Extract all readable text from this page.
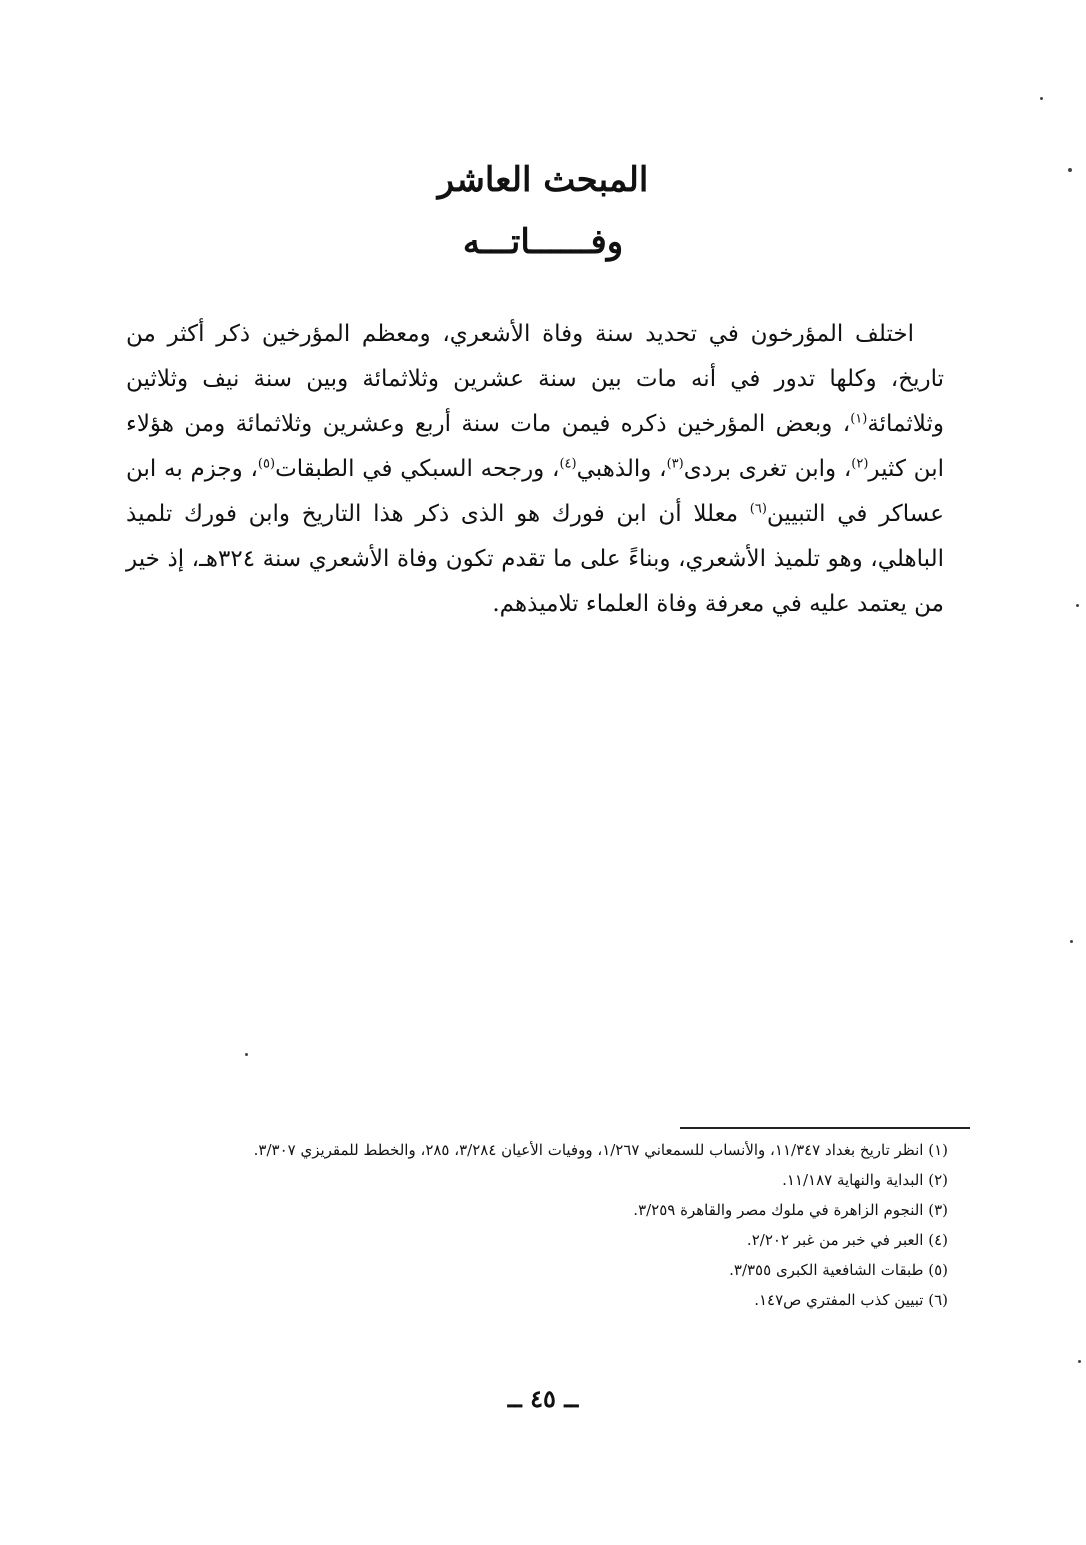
المبحث العاشر
وفــــــاتـــه

اختلف المؤرخون في تحديد سنة وفاة الأشعري، ومعظم المؤرخين ذكر أكثر من تاريخ، وكلها تدور في أنه مات بين سنة عشرين وثلاثمائة وبين سنة نيف وثلاثين وثلاثمائة$^{(١)}$، وبعض المؤرخين ذكره فيمن مات سنة أربع وعشرين وثلاثمائة ومن هؤلاء ابن كثير$^{(٢)}$، وابن تغرى بردى$^{(٣)}$، والذهبي$^{(٤)}$، ورجحه السبكي في الطبقات$^{(٥)}$، وجزم به ابن عساكر في التبيين$^{(٦)}$ معللا أن ابن فورك هو الذى ذكر هذا التاريخ وابن فورك تلميذ الباهلي، وهو تلميذ الأشعري، وبناءً على ما تقدم تكون وفاة الأشعري سنة ٣٢٤هـ، إذ خير من يعتمد عليه في معرفة وفاة العلماء تلاميذهم.

(١) انظر تاريخ بغداد ١١/٣٤٧، والأنساب للسمعاني ١/٢٦٧، ووفيات الأعيان ٣/٢٨٤، ٢٨٥، والخطط للمقريزي ٣/٣٠٧.

(٢) البداية والنهاية ١١/١٨٧.

(٣) النجوم الزاهرة في ملوك مصر والقاهرة ٣/٢٥٩.

(٤) العبر في خبر من غبر ٢/٢٠٢.

(٥) طبقات الشافعية الكبرى ٣/٣٥٥.

(٦) تبيين كذب المفتري ص١٤٧.

ــ ٤٥ ــ
